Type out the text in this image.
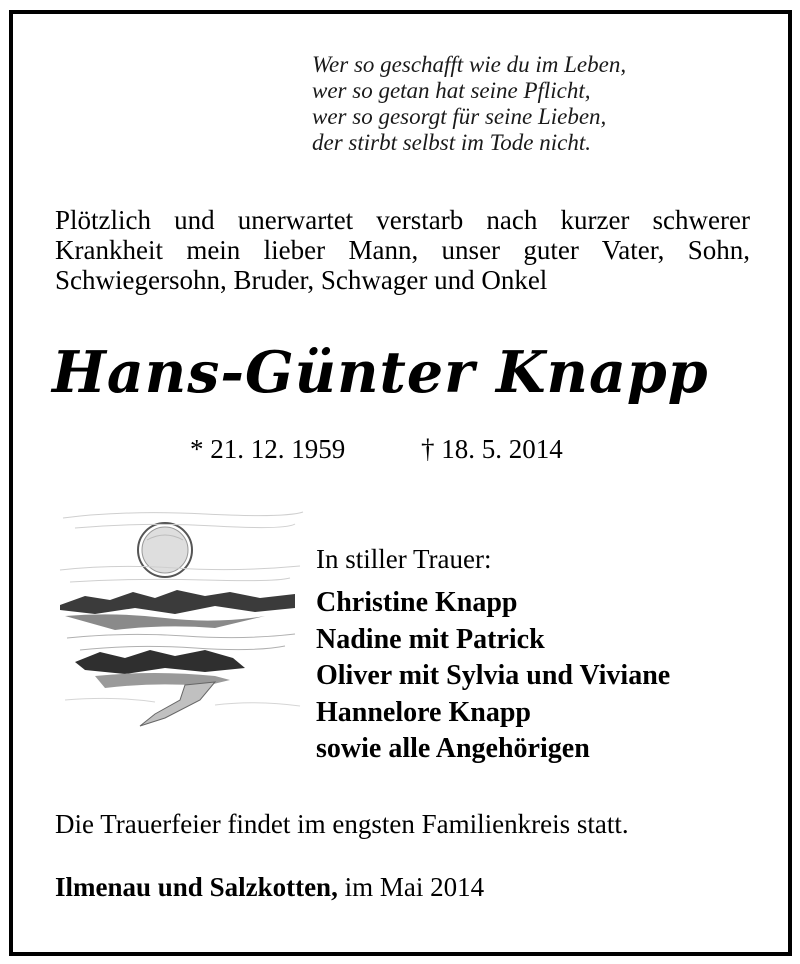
Wer so geschafft wie du im Leben,
wer so getan hat seine Pflicht,
wer so gesorgt für seine Lieben,
der stirbt selbst im Tode nicht.
Plötzlich und unerwartet verstarb nach kurzer schwerer
Krankheit mein lieber Mann, unser guter Vater, Sohn,
Schwiegersohn, Bruder, Schwager und Onkel
Hans-Günter Knapp
* 21. 12. 1959	† 18. 5. 2014
In stiller Trauer:
Christine Knapp
Nadine mit Patrick
Oliver mit Sylvia und Viviane
Hannelore Knapp
sowie alle Angehörigen
Die Trauerfeier findet im engsten Familienkreis statt.
Ilmenau und Salzkotten, im Mai 2014
